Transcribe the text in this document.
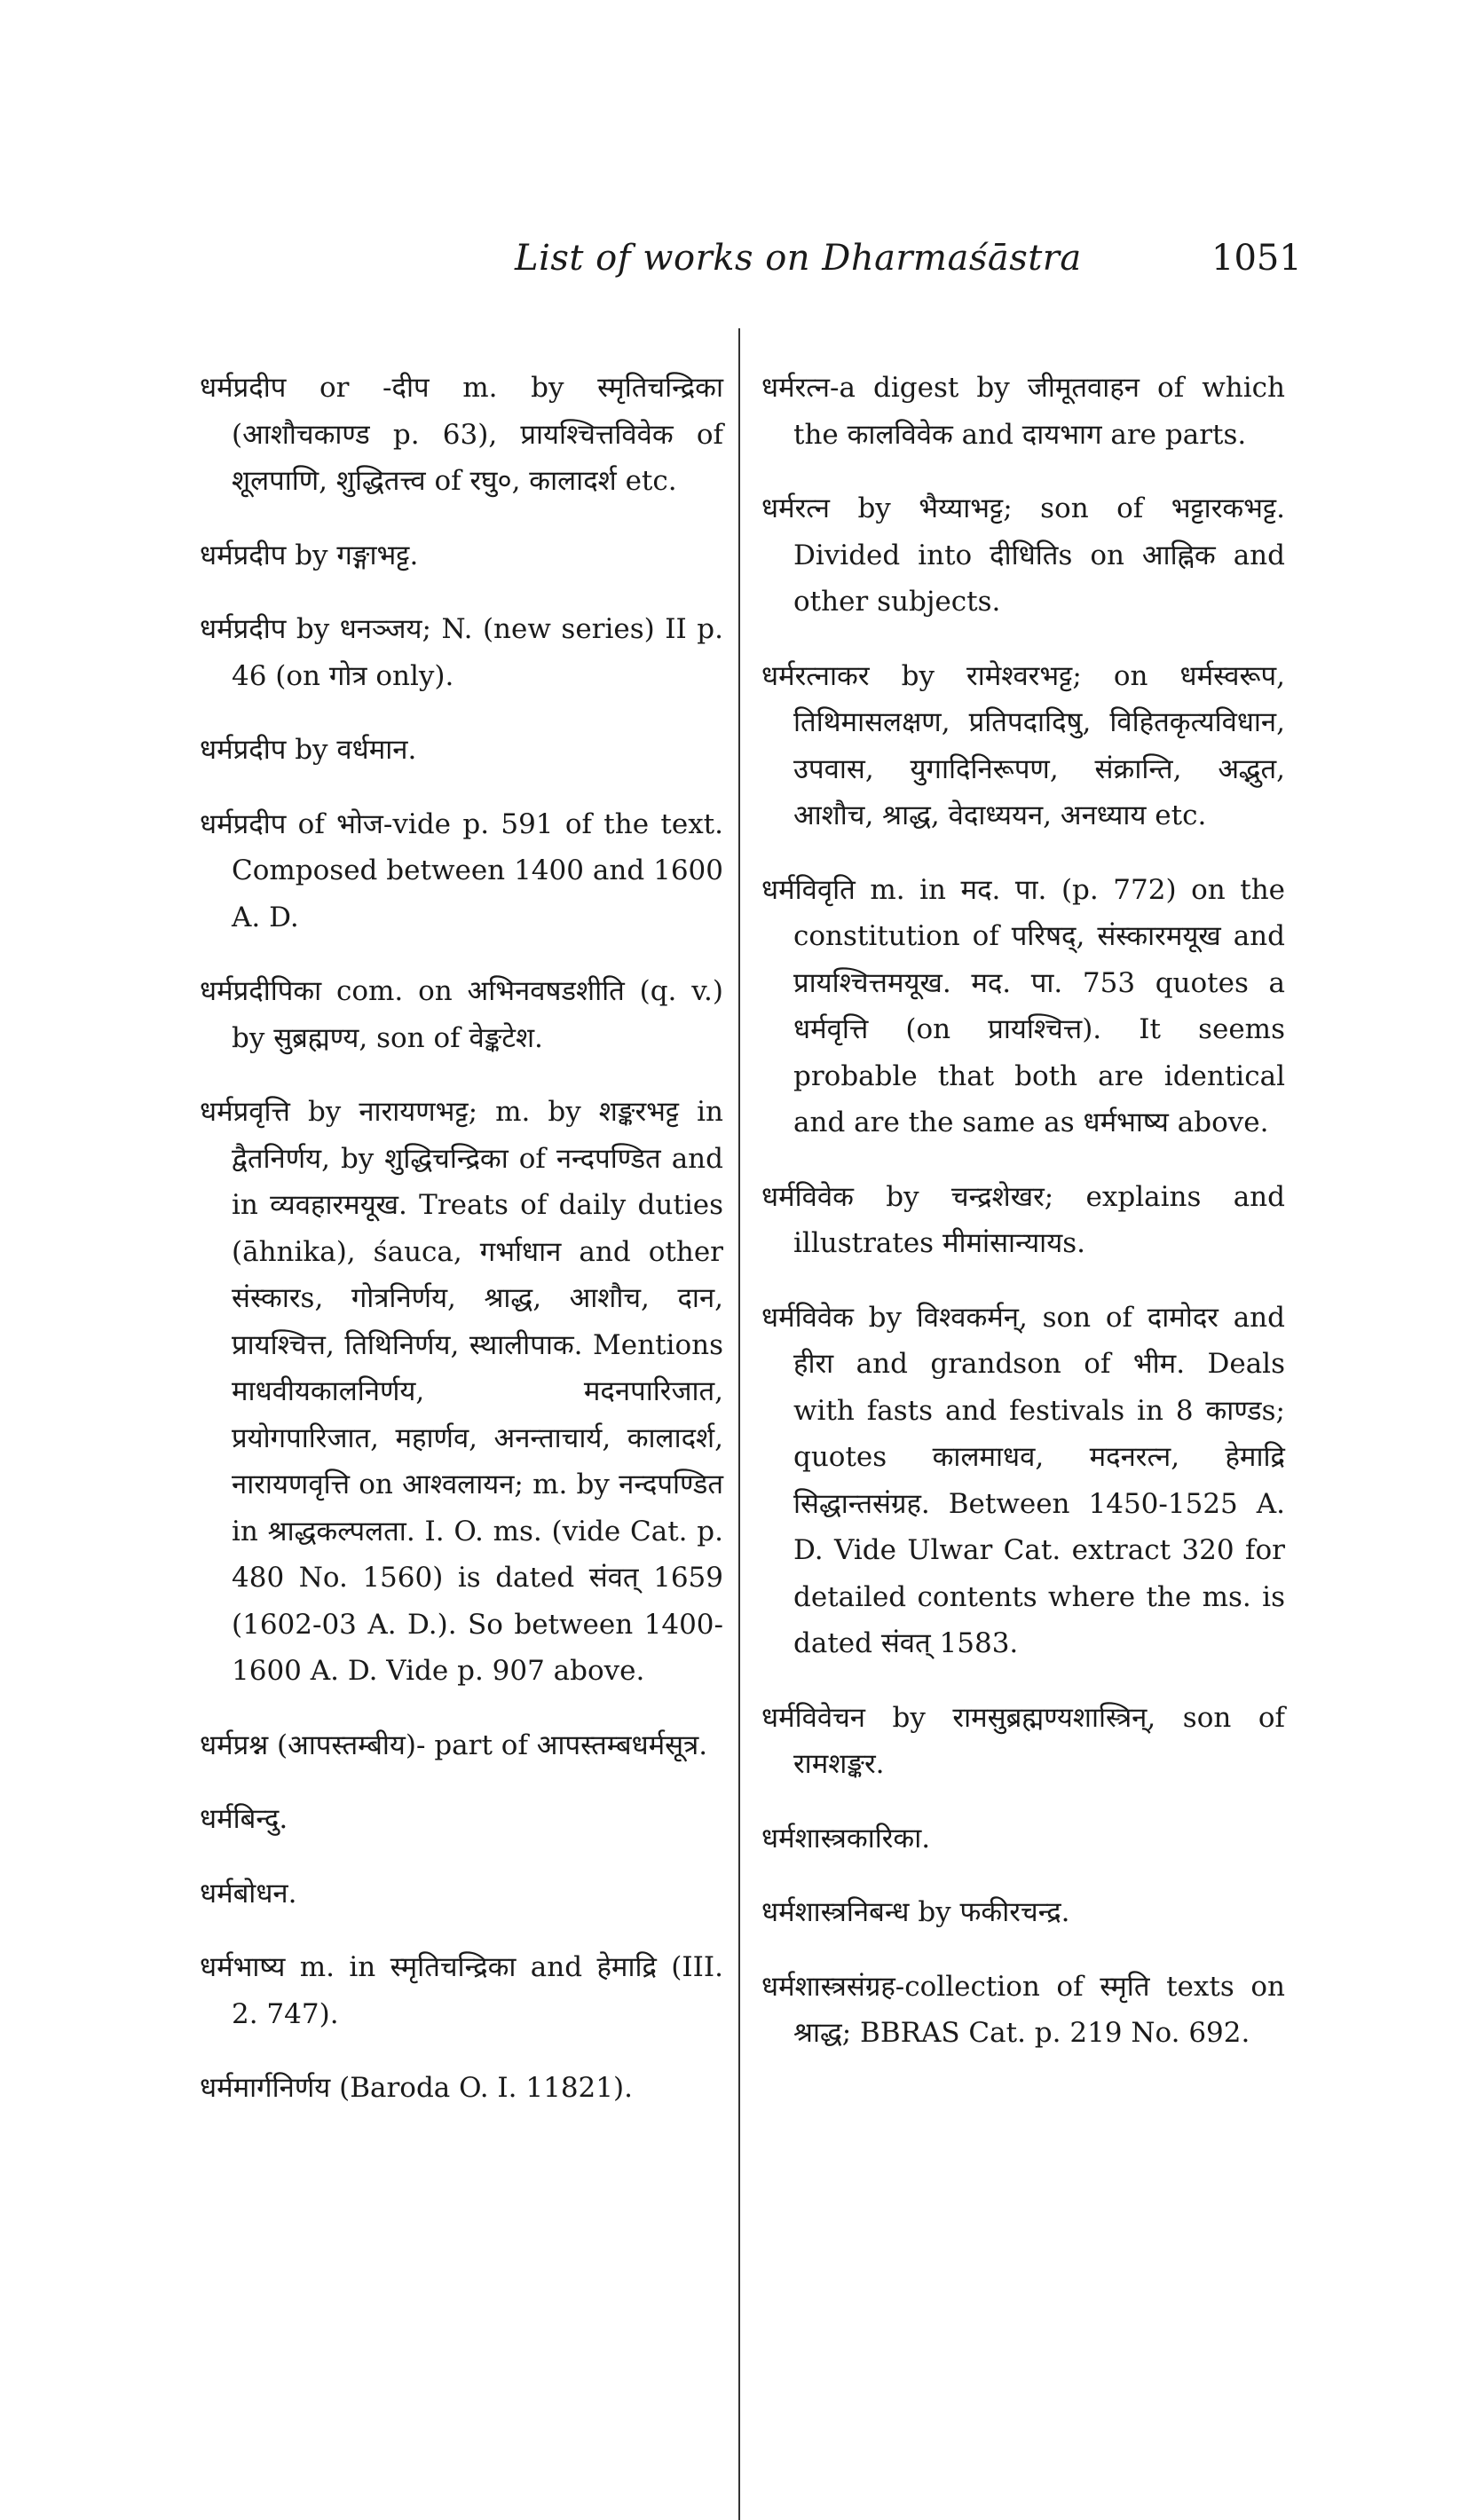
List of works on Dharmaśāstra	1051

धर्मप्रदीप or -दीप m. by स्मृतिचन्द्रिका (आशौचकाण्ड p. 63), प्रायश्चित्तविवेक of शूलपाणि, शुद्धितत्त्व of रघु०, कालादर्श etc.

धर्मप्रदीप by गङ्गाभट्ट.

धर्मप्रदीप by धनञ्जय; N. (new series) II p. 46 (on गोत्र only).

धर्मप्रदीप by वर्धमान.

धर्मप्रदीप of भोज-vide p. 591 of the text. Composed between 1400 and 1600 A. D.

धर्मप्रदीपिका com. on अभिनवषडशीति (q. v.) by सुब्रह्मण्य, son of वेङ्कटेश.

धर्मप्रवृत्ति by नारायणभट्ट; m. by शङ्करभट्ट in द्वैतनिर्णय, by शुद्धिचन्द्रिका of नन्दपण्डित and in व्यवहारमयूख. Treats of daily duties (āhnika), śauca, गर्भाधान and other संस्कारs, गोत्रनिर्णय, श्राद्ध, आशौच, दान, प्रायश्चित्त, तिथिनिर्णय, स्थालीपाक. Mentions माधवीयकालनिर्णय, मदनपारिजात, प्रयोगपारिजात, महार्णव, अनन्ताचार्य, कालादर्श, नारायणवृत्ति on आश्वलायन; m. by नन्दपण्डित in श्राद्धकल्पलता. I. O. ms. (vide Cat. p. 480 No. 1560) is dated संवत् 1659 (1602-03 A. D.). So between 1400-1600 A. D. Vide p. 907 above.

धर्मप्रश्न (आपस्तम्बीय)- part of आपस्तम्बधर्मसूत्र.

धर्मबिन्दु.

धर्मबोधन.

धर्मभाष्य m. in स्मृतिचन्द्रिका and हेमाद्रि (III. 2. 747).

धर्ममार्गनिर्णय (Baroda O. I. 11821).

धर्मरत्न-a digest by जीमूतवाहन of which the कालविवेक and दायभाग are parts.

धर्मरत्न by भैय्याभट्ट; son of भट्टारकभट्ट. Divided into दीधितिs on आह्निक and other subjects.

धर्मरत्नाकर by रामेश्वरभट्ट; on धर्मस्वरूप, तिथिमासलक्षण, प्रतिपदादिषु, विहितकृत्यविधान, उपवास, युगादिनिरूपण, संक्रान्ति, अद्भुत, आशौच, श्राद्ध, वेदाध्ययन, अनध्याय etc.

धर्मविवृति m. in मद. पा. (p. 772) on the constitution of परिषद्, संस्कारमयूख and प्रायश्चित्तमयूख. मद. पा. 753 quotes a धर्मवृत्ति (on प्रायश्चित्त). It seems probable that both are identical and are the same as धर्मभाष्य above.

धर्मविवेक by चन्द्रशेखर; explains and illustrates मीमांसान्यायs.

धर्मविवेक by विश्वकर्मन्, son of दामोदर and हीरा and grandson of भीम. Deals with fasts and festivals in 8 काण्डs; quotes कालमाधव, मदनरत्न, हेमाद्रि सिद्धान्तसंग्रह. Between 1450-1525 A. D. Vide Ulwar Cat. extract 320 for detailed contents where the ms. is dated संवत् 1583.

धर्मविवेचन by रामसुब्रह्मण्यशास्त्रिन्, son of रामशङ्कर.

धर्मशास्त्रकारिका.

धर्मशास्त्रनिबन्ध by फकीरचन्द्र.

धर्मशास्त्रसंग्रह-collection of स्मृति texts on श्राद्ध; BBRAS Cat. p. 219 No. 692.
